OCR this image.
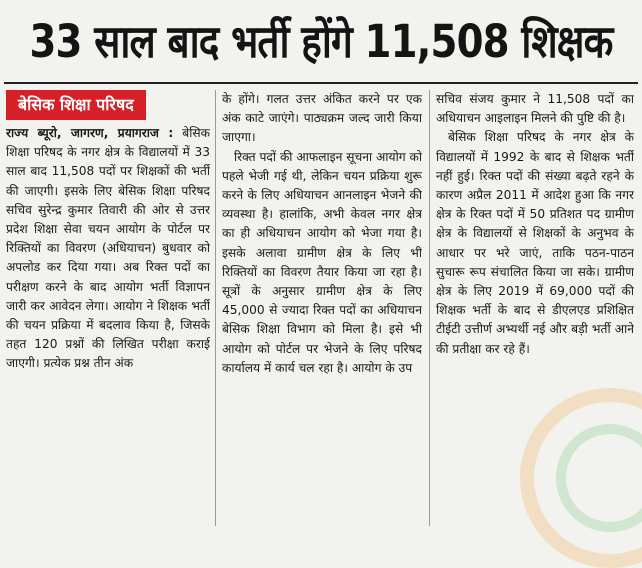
33 साल बाद भर्ती होंगे 11,508 शिक्षक
बेसिक शिक्षा परिषद
राज्य ब्यूरो, जागरण, प्रयागराज : बेसिक शिक्षा परिषद के नगर क्षेत्र के विद्यालयों में 33 साल बाद 11,508 पदों पर शिक्षकों की भर्ती की जाएगी। इसके लिए बेसिक शिक्षा परिषद सचिव सुरेन्द्र कुमार तिवारी की ओर से उत्तर प्रदेश शिक्षा सेवा चयन आयोग के पोर्टल पर रिक्तियों का विवरण (अधियाचन) बुधवार को अपलोड कर दिया गया। अब रिक्त पदों का परीक्षण करने के बाद आयोग भर्ती विज्ञापन जारी कर आवेदन लेगा। आयोग ने शिक्षक भर्ती की चयन प्रक्रिया में बदलाव किया है, जिसके तहत 120 प्रश्नों की लिखित परीक्षा कराई जाएगी। प्रत्येक प्रश्न तीन अंक

के होंगे। गलत उत्तर अंकित करने पर एक अंक काटे जाएंगे। पाठ्यक्रम जल्द जारी किया जाएगा।

रिक्त पदों की आफलाइन सूचना आयोग को पहले भेजी गई थी, लेकिन चयन प्रक्रिया शुरू करने के लिए अधियाचन आनलाइन भेजने की व्यवस्था है। हालांकि, अभी केवल नगर क्षेत्र का ही अधियाचन आयोग को भेजा गया है। इसके अलावा ग्रामीण क्षेत्र के लिए भी रिक्तियों का विवरण तैयार किया जा रहा है। सूत्रों के अनुसार ग्रामीण क्षेत्र के लिए 45,000 से ज्यादा रिक्त पदों का अधियाचन बेसिक शिक्षा विभाग को मिला है। इसे भी आयोग को पोर्टल पर भेजने के लिए परिषद कार्यालय में कार्य चल रहा है। आयोग के उप

सचिव संजय कुमार ने 11,508 पदों का अधियाचन आइलाइन मिलने की पुष्टि की है।

बेसिक शिक्षा परिषद के नगर क्षेत्र के विद्यालयों में 1992 के बाद से शिक्षक भर्ती नहीं हुई। रिक्त पदों की संख्या बढ़ते रहने के कारण अप्रैल 2011 में आदेश हुआ कि नगर क्षेत्र के रिक्त पदों में 50 प्रतिशत पद ग्रामीण क्षेत्र के विद्यालयों से शिक्षकों के अनुभव के आधार पर भरे जाएं, ताकि पठन-पाठन सुचारू रूप संचालित किया जा सके। ग्रामीण क्षेत्र के लिए 2019 में 69,000 पदों की शिक्षक भर्ती के बाद से डीएलएड प्रशिक्षित टीईटी उत्तीर्ण अभ्यर्थी नई और बड़ी भर्ती आने की प्रतीक्षा कर रहे हैं।
